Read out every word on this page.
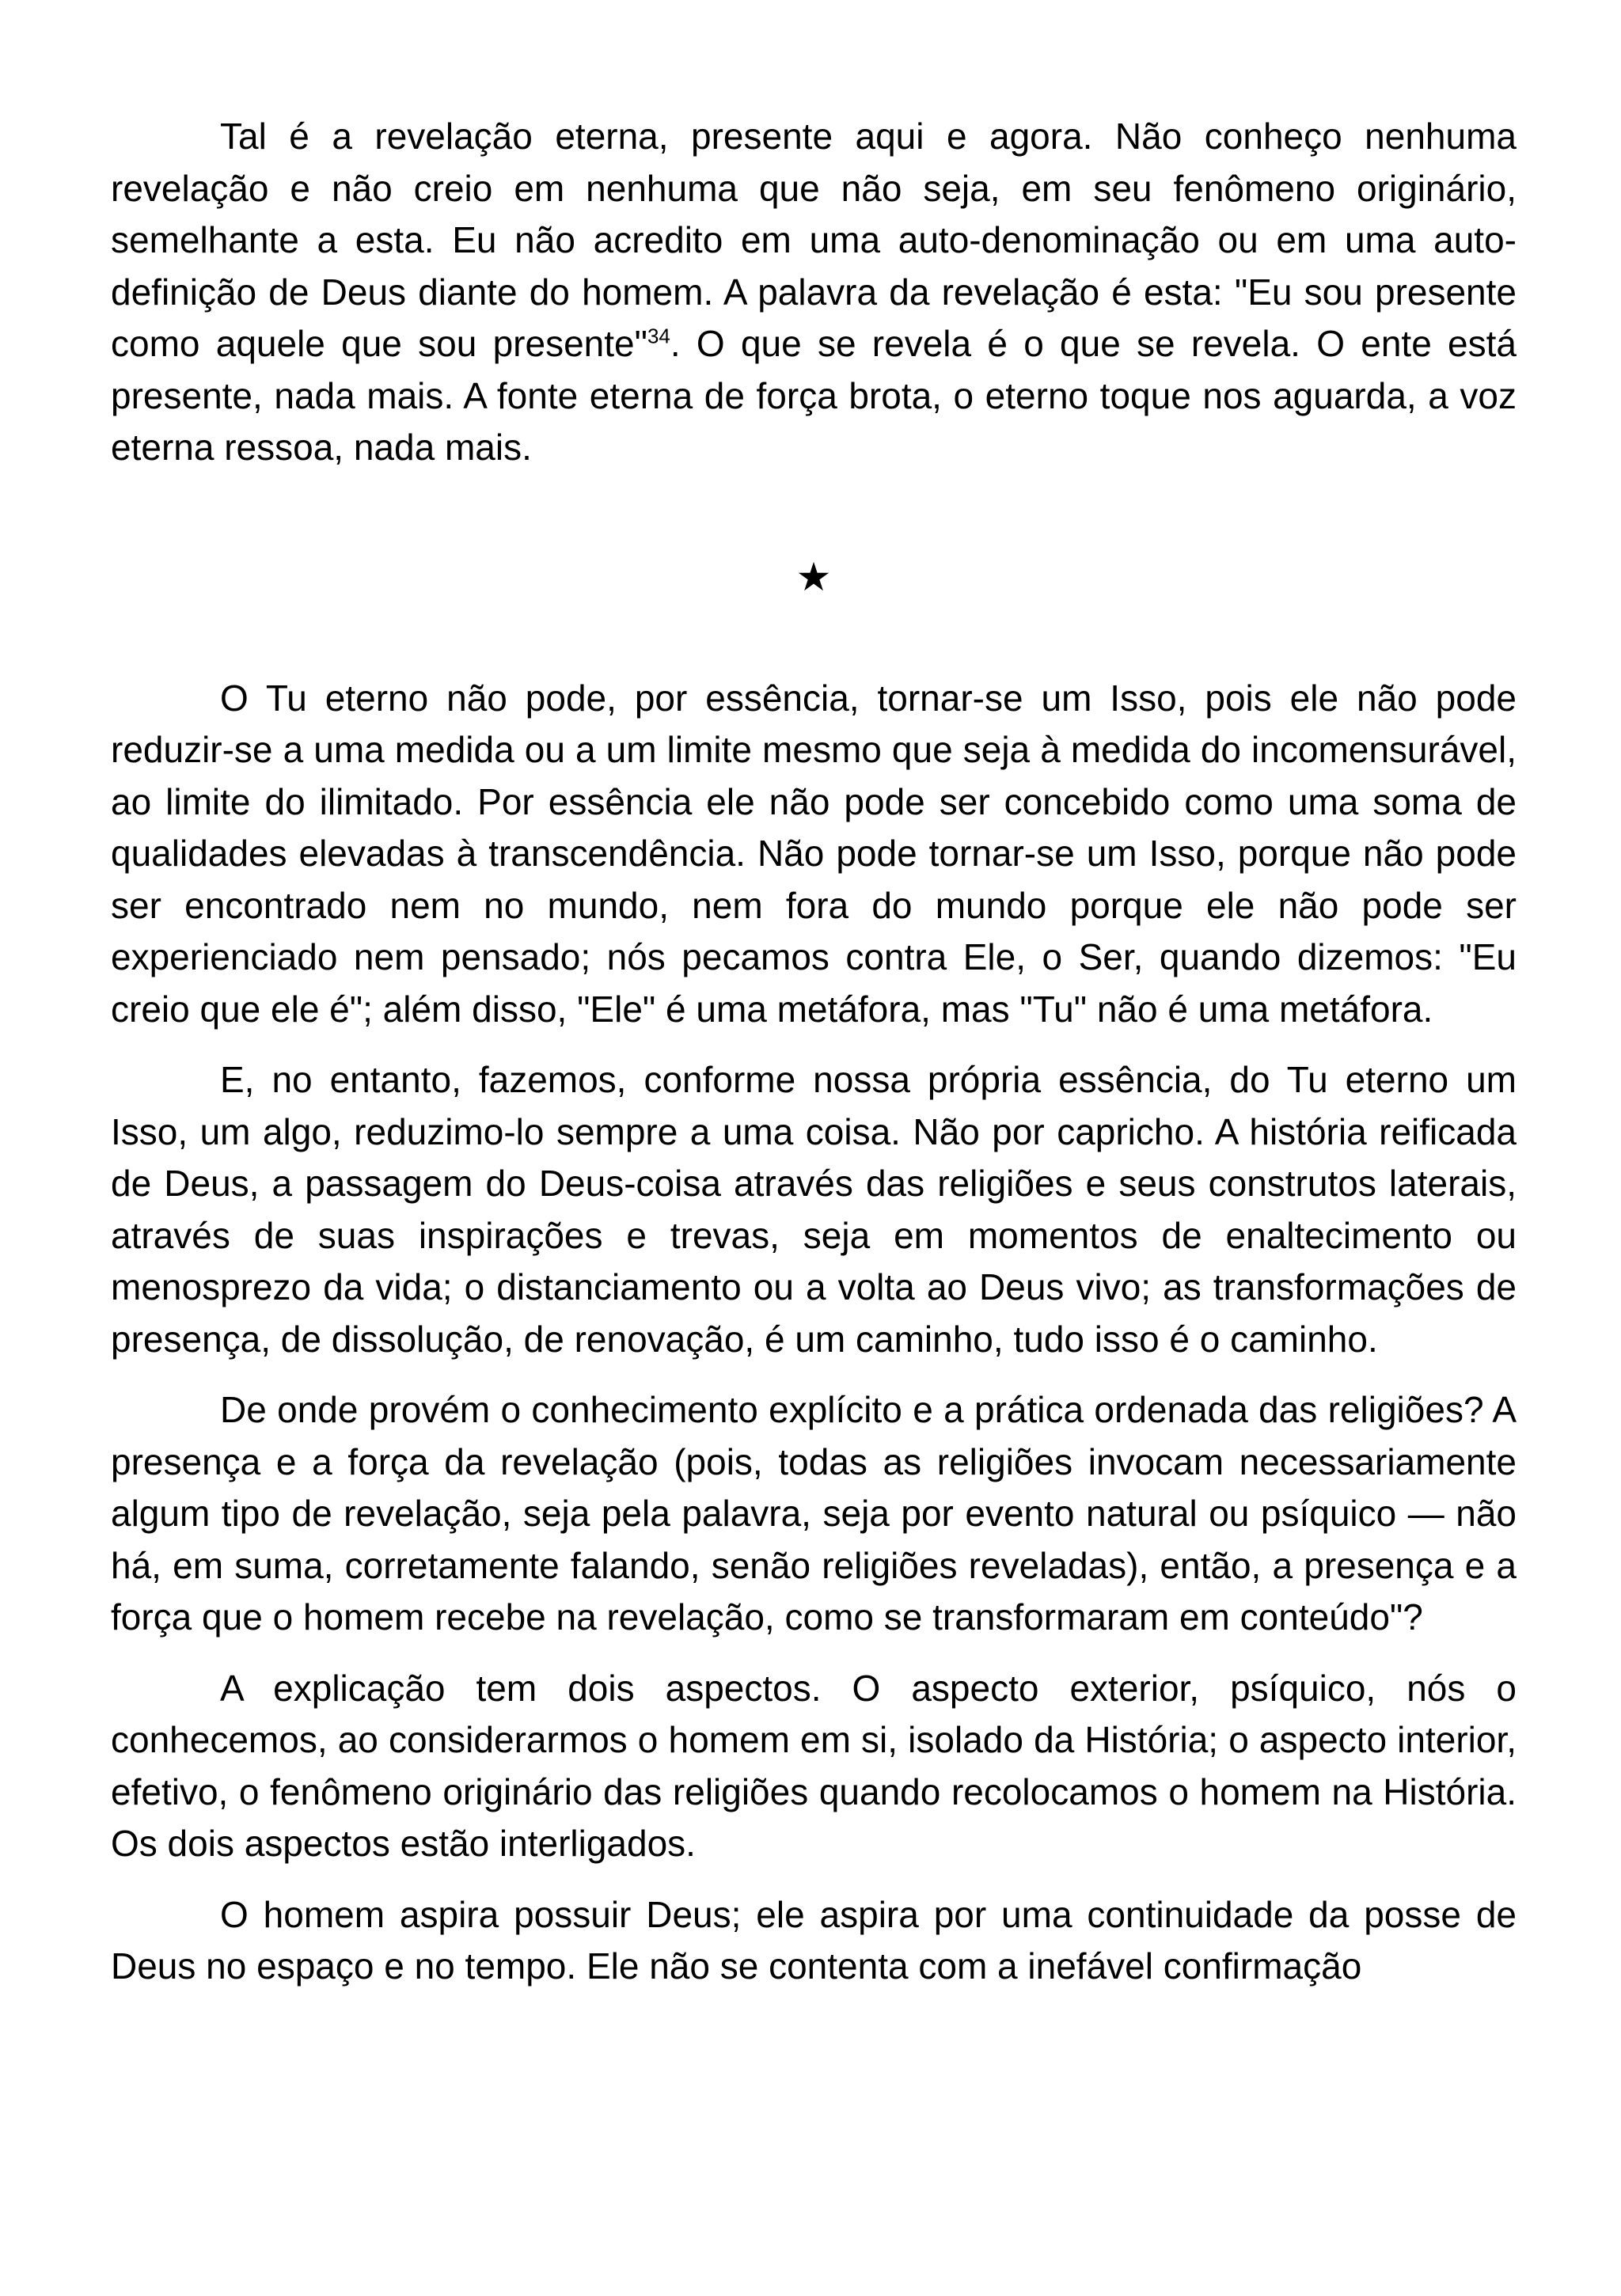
Tal é a revelação eterna, presente aqui e agora. Não conheço nenhuma revelação e não creio em nenhuma que não seja, em seu fenômeno originário, semelhante a esta. Eu não acredito em uma auto-denominação ou em uma auto-definição de Deus diante do homem. A palavra da revelação é esta: "Eu sou presente como aquele que sou presente"$^{34}$. O que se revela é o que se revela. O ente está presente, nada mais. A fonte eterna de força brota, o eterno toque nos aguarda, a voz eterna ressoa, nada mais.

★

O Tu eterno não pode, por essência, tornar-se um Isso, pois ele não pode reduzir-se a uma medida ou a um limite mesmo que seja à medida do incomensurável, ao limite do ilimitado. Por essência ele não pode ser concebido como uma soma de qualidades elevadas à transcendência. Não pode tornar-se um Isso, porque não pode ser encontrado nem no mundo, nem fora do mundo porque ele não pode ser experienciado nem pensado; nós pecamos contra Ele, o Ser, quando dizemos: "Eu creio que ele é"; além disso, "Ele" é uma metáfora, mas "Tu" não é uma metáfora.

E, no entanto, fazemos, conforme nossa própria essência, do Tu eterno um Isso, um algo, reduzimo-lo sempre a uma coisa. Não por capricho. A história reificada de Deus, a passagem do Deus-coisa através das religiões e seus construtos laterais, através de suas inspirações e trevas, seja em momentos de enaltecimento ou menosprezo da vida; o distanciamento ou a volta ao Deus vivo; as transformações de presença, de dissolução, de renovação, é um caminho, tudo isso é o caminho.

De onde provém o conhecimento explícito e a prática ordenada das religiões? A presença e a força da revelação (pois, todas as religiões invocam necessariamente algum tipo de revelação, seja pela palavra, seja por evento natural ou psíquico — não há, em suma, corretamente falando, senão religiões reveladas), então, a presença e a força que o homem recebe na revelação, como se transformaram em conteúdo"?

A explicação tem dois aspectos. O aspecto exterior, psíquico, nós o conhecemos, ao considerarmos o homem em si, isolado da História; o aspecto interior, efetivo, o fenômeno originário das religiões quando recolocamos o homem na História. Os dois aspectos estão interligados.

O homem aspira possuir Deus; ele aspira por uma continuidade da posse de Deus no espaço e no tempo. Ele não se contenta com a inefável confirmação
